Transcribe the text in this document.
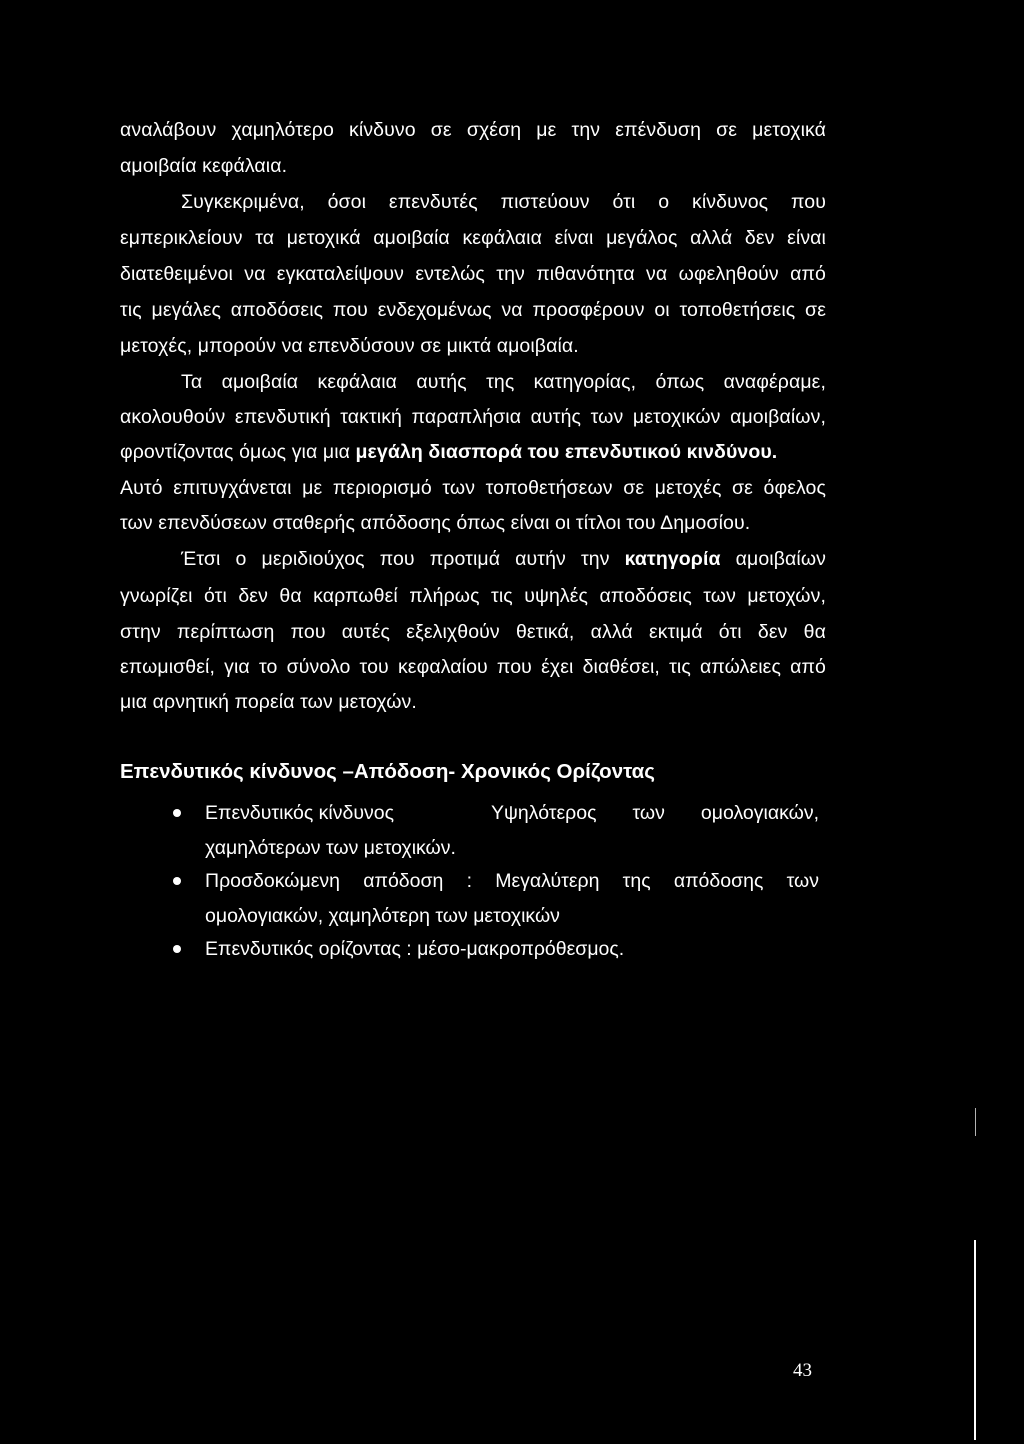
αναλάβουν χαμηλότερο κίνδυνο σε σχέση με την επένδυση σε μετοχικά
αμοιβαία κεφάλαια.
Συγκεκριμένα, όσοι επενδυτές πιστεύουν ότι ο κίνδυνος που
εμπερικλείουν τα μετοχικά αμοιβαία κεφάλαια είναι μεγάλος αλλά δεν είναι
διατεθειμένοι να εγκαταλείψουν εντελώς την πιθανότητα να ωφεληθούν από
τις μεγάλες αποδόσεις που ενδεχομένως να προσφέρουν οι τοποθετήσεις σε
μετοχές, μπορούν να επενδύσουν σε μικτά αμοιβαία.
Τα αμοιβαία κεφάλαια αυτής της κατηγορίας, όπως αναφέραμε,
ακολουθούν επενδυτική τακτική παραπλήσια αυτής των μετοχικών αμοιβαίων,
φροντίζοντας όμως για μια μεγάλη διασπορά του επενδυτικού κινδύνου.
Αυτό επιτυγχάνεται με περιορισμό των τοποθετήσεων σε μετοχές σε όφελος
των επενδύσεων σταθερής απόδοσης όπως είναι οι τίτλοι του Δημοσίου.
Έτσι ο μεριδιούχος που προτιμά αυτήν την κατηγορία αμοιβαίων
γνωρίζει ότι δεν θα καρπωθεί πλήρως τις υψηλές αποδόσεις των μετοχών,
στην περίπτωση που αυτές εξελιχθούν θετικά, αλλά εκτιμά ότι δεν θα
επωμισθεί, για το σύνολο του κεφαλαίου που έχει διαθέσει, τις απώλειες από
μια αρνητική πορεία των μετοχών.
Επενδυτικός κίνδυνος –Απόδοση- Χρονικός Ορίζοντας
Επενδυτικός κίνδυνος	Υψηλότερος των ομολογιακών,
χαμηλότερων των μετοχικών.
Προσδοκώμενη απόδοση : Μεγαλύτερη της απόδοσης των
ομολογιακών, χαμηλότερη των μετοχικών
Επενδυτικός ορίζοντας : μέσο-μακροπρόθεσμος.
43
